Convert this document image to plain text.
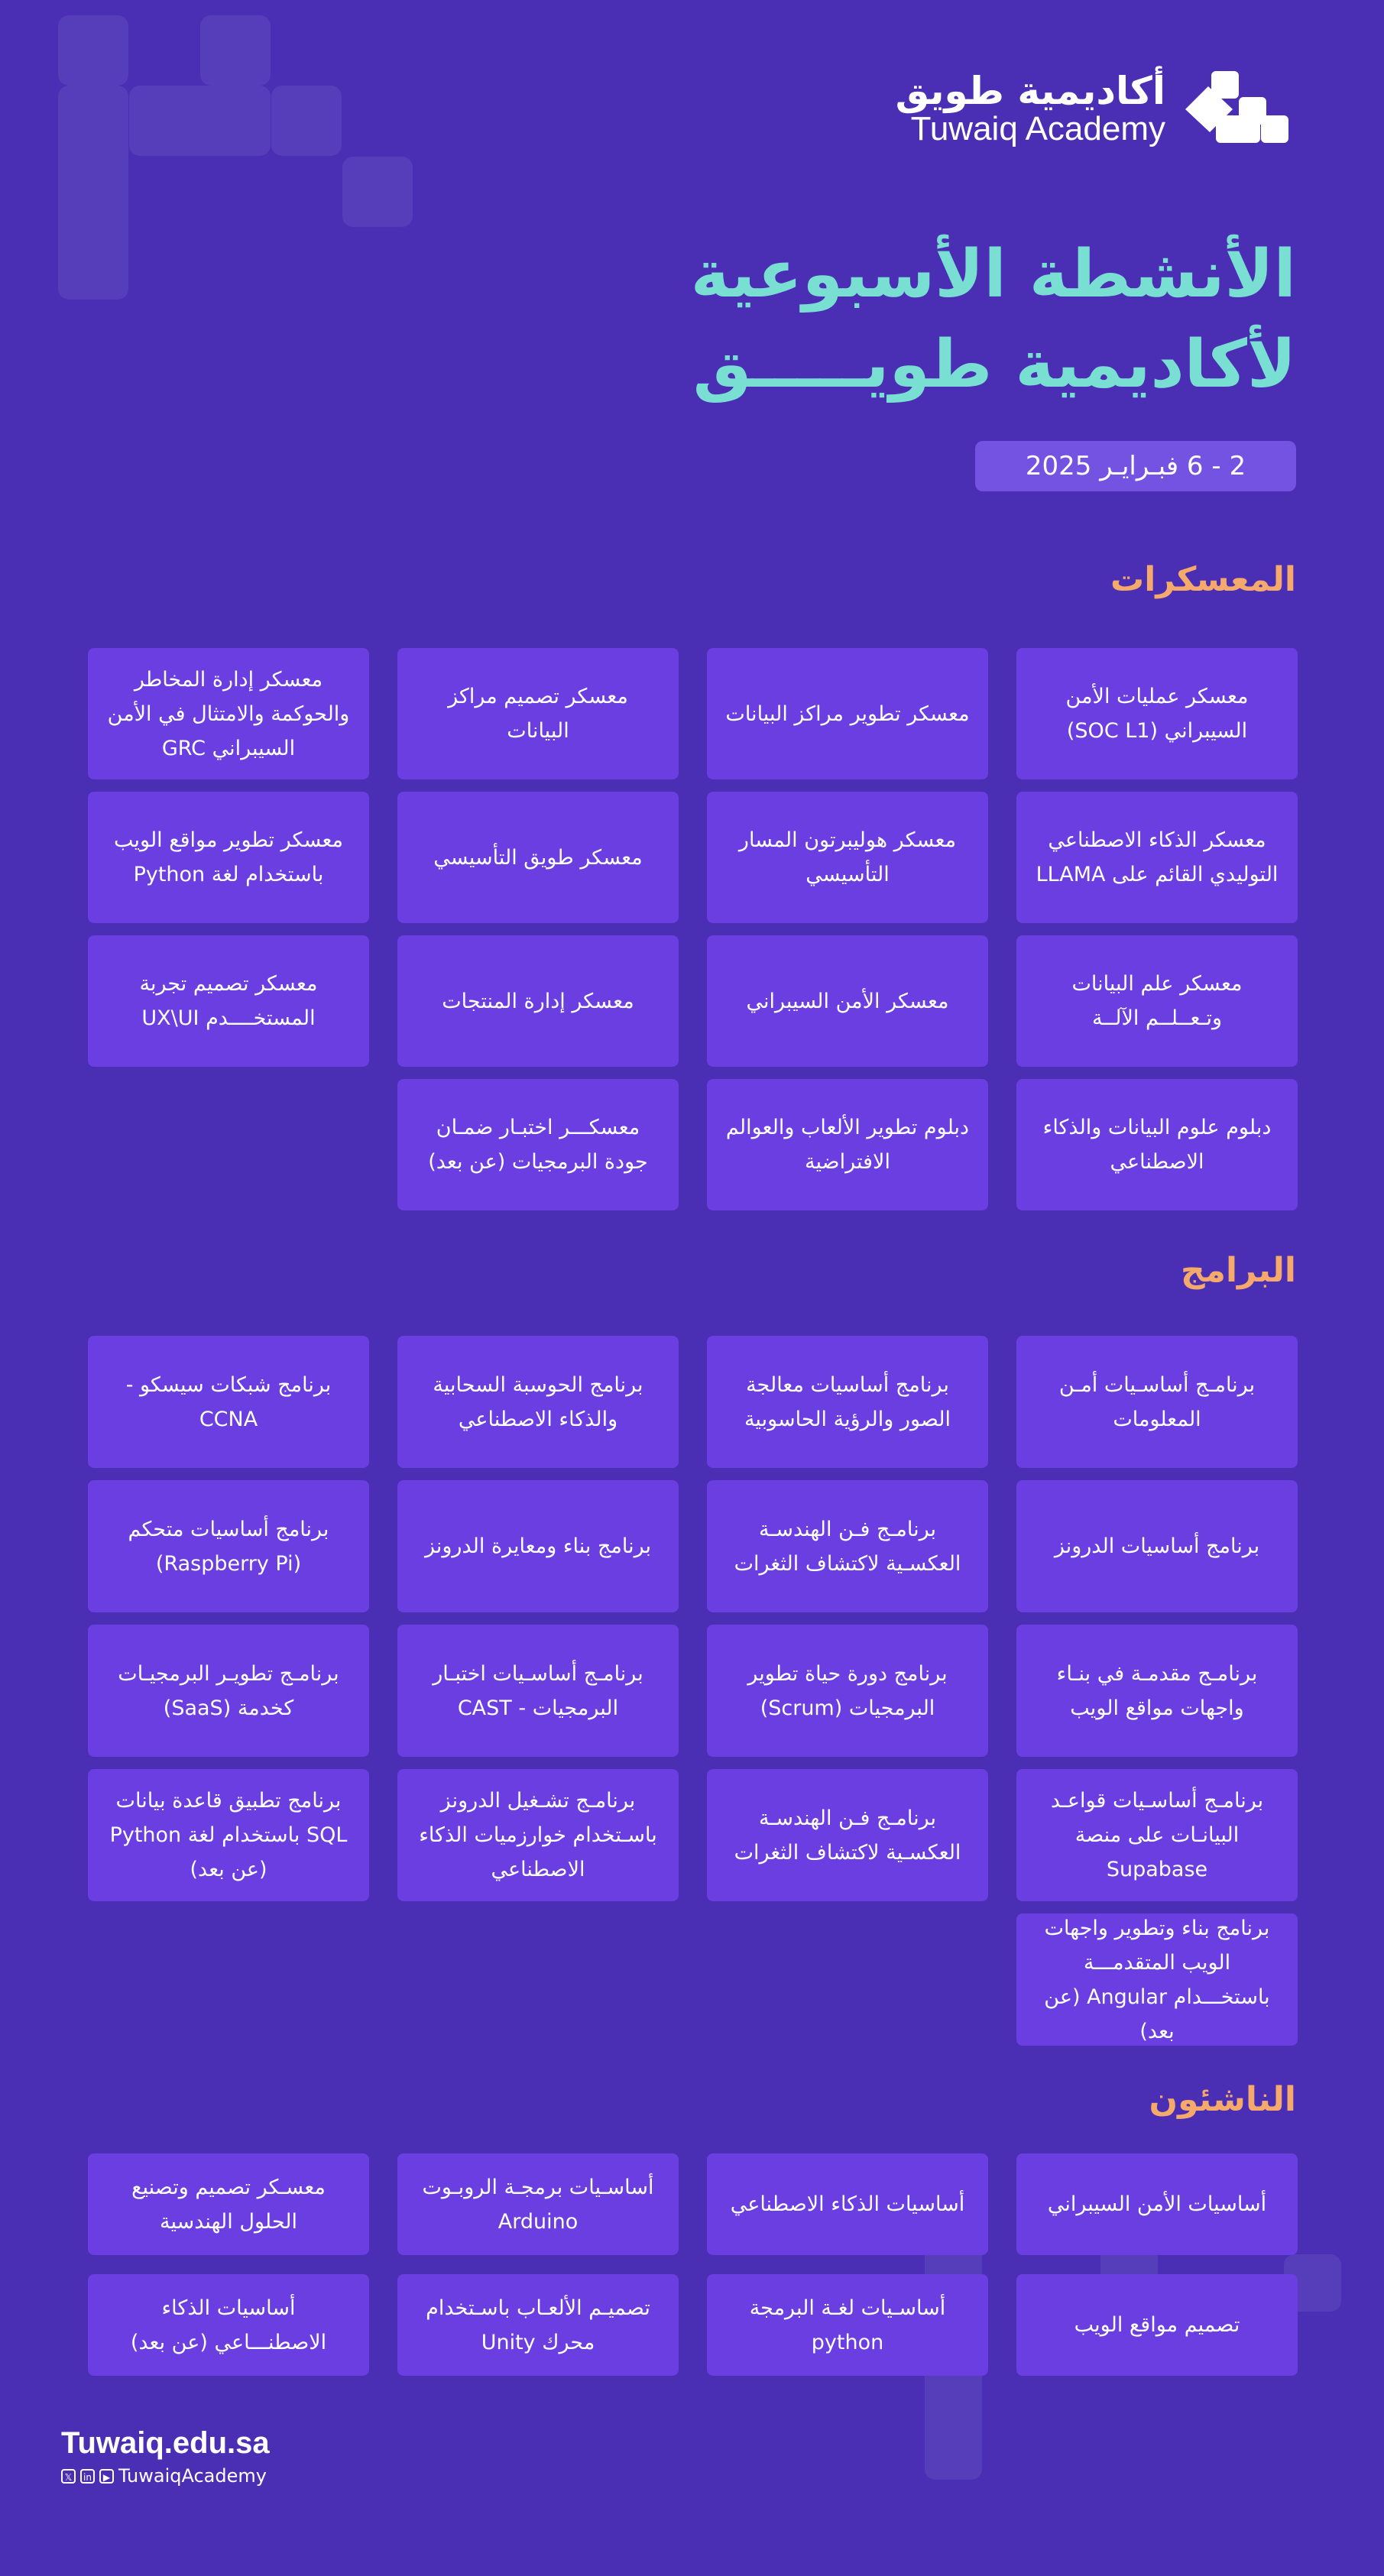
أكاديمية طويق
Tuwaiq Academy
الأنشطة الأسبوعية
لأكاديمية طويـــــق
2 - 6 فبـرايـر 2025
المعسكرات
معسكر عمليات الأمن السيبراني (SOC L1)
معسكر تطوير مراكز البيانات
معسكر تصميم مراكز البيانات
معسكر إدارة المخاطر والحوكمة والامتثال في الأمن السيبراني GRC
معسكر الذكاء الاصطناعي التوليدي القائم على LLAMA
معسكر هوليبرتون المسار التأسيسي
معسكر طويق التأسيسي
معسكر تطوير مواقع الويب باستخدام لغة Python
معسكر علم البيانات وتـعــلــم الآلــة
معسكر الأمن السيبراني
معسكر إدارة المنتجات
معسكر تصميم تجربة المستخــــدم UX\UI
دبلوم علوم البيانات والذكاء الاصطناعي
دبلوم تطوير الألعاب والعوالم الافتراضية
معسكـــر اختبـار ضمـان جودة البرمجيات (عن بعد)
البرامج
برنامـج أساسـيات أمـن المعلومات
برنامج أساسيات معالجة الصور والرؤية الحاسوبية
برنامج الحوسبة السحابية والذكاء الاصطناعي
برنامج شبكات سيسكو - CCNA
برنامج أساسيات الدرونز
برنامـج فـن الهندسـة العكسـية لاكتشاف الثغرات
برنامج بناء ومعايرة الدرونز
برنامج أساسيات متحكم (Raspberry Pi)
برنامـج مقدمـة في بنـاء واجهات مواقع الويب
برنامج دورة حياة تطوير البرمجيات (Scrum)
برنامـج أساسـيات اختبـار البرمجيات - CAST
برنامـج تطويـر البرمجيـات كخدمة (SaaS)
برنامـج أساسـيات قواعـد البيانـات على منصة Supabase
برنامـج فـن الهندسـة العكسـية لاكتشاف الثغرات
برنامـج تشـغيل الدرونز باسـتخدام خوارزميات الذكاء الاصطناعي
برنامج تطبيق قاعدة بيانات SQL باستخدام لغة Python (عن بعد)
برنامج بناء وتطوير واجهات الويب المتقدمـــة باستخـــدام Angular (عن بعد)
الناشئون
أساسيات الأمن السيبراني
أساسيات الذكاء الاصطناعي
أساسـيات برمجـة الروبـوت Arduino
معسـكر تصميم وتصنيع الحلول الهندسية
تصميم مواقع الويب
أساسـيات لغـة البرمجة python
تصميـم الألعـاب باسـتخدام محرك Unity
أساسيات الذكاء الاصطنـــاعي (عن بعد)
Tuwaiq.edu.sa
𝕏	in	▶ TuwaiqAcademy
